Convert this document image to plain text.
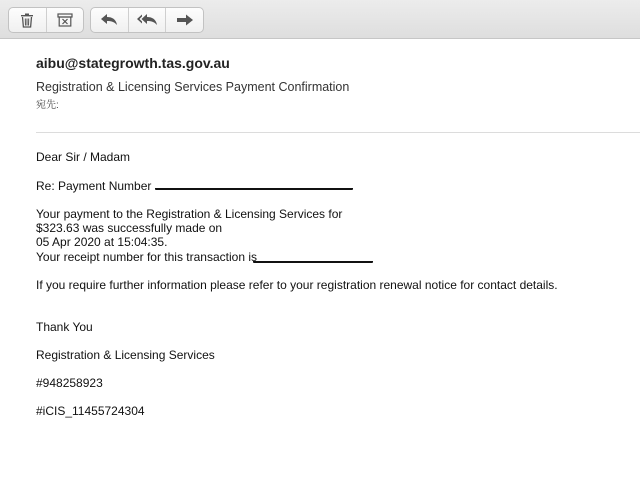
aibu@stategrowth.tas.gov.au
Registration & Licensing Services Payment Confirmation
宛先:

Dear Sir / Madam

Re: Payment Number

Your payment to the Registration & Licensing Services for

$323.63 was successfully made on

05 Apr 2020 at 15:04:35.

Your receipt number for this transaction is

If you require further information please refer to your registration renewal notice for contact details.

Thank You

Registration & Licensing Services

#948258923

#iCIS_11455724304
